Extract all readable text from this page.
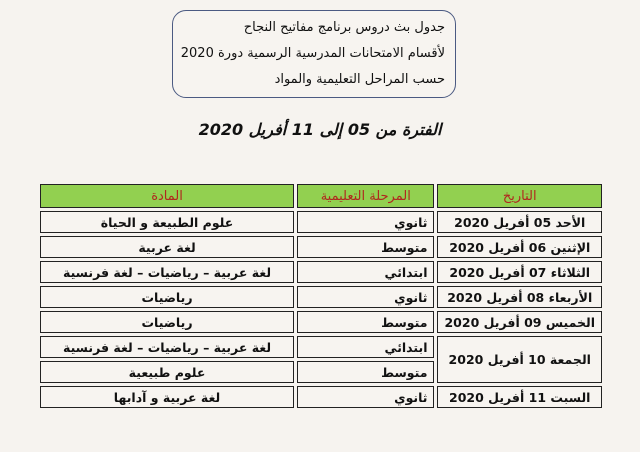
جدول بث دروس برنامج مفاتيح النجاح
لأقسام الامتحانات المدرسية الرسمية دورة 2020
حسب المراحل التعليمية والمواد
الفترة من 05 إلى 11 أفريل 2020
التاريخ	المرحلة التعليمية	المادة
الأحد 05 أفريل 2020	ثانوي	علوم الطبيعة و الحياة
الإثنين 06 أفريل 2020	متوسط	لغة عربية
الثلاثاء 07 أفريل 2020	ابتدائي	لغة عربية – رياضيات – لغة فرنسية
الأربعاء 08 أفريل 2020	ثانوي	رياضيات
الخميس 09 أفريل 2020	متوسط	رياضيات
الجمعة 10 أفريل 2020	ابتدائي	لغة عربية – رياضيات – لغة فرنسية
	متوسط	علوم طبيعية
السبت 11 أفريل 2020	ثانوي	لغة عربية و آدابها
